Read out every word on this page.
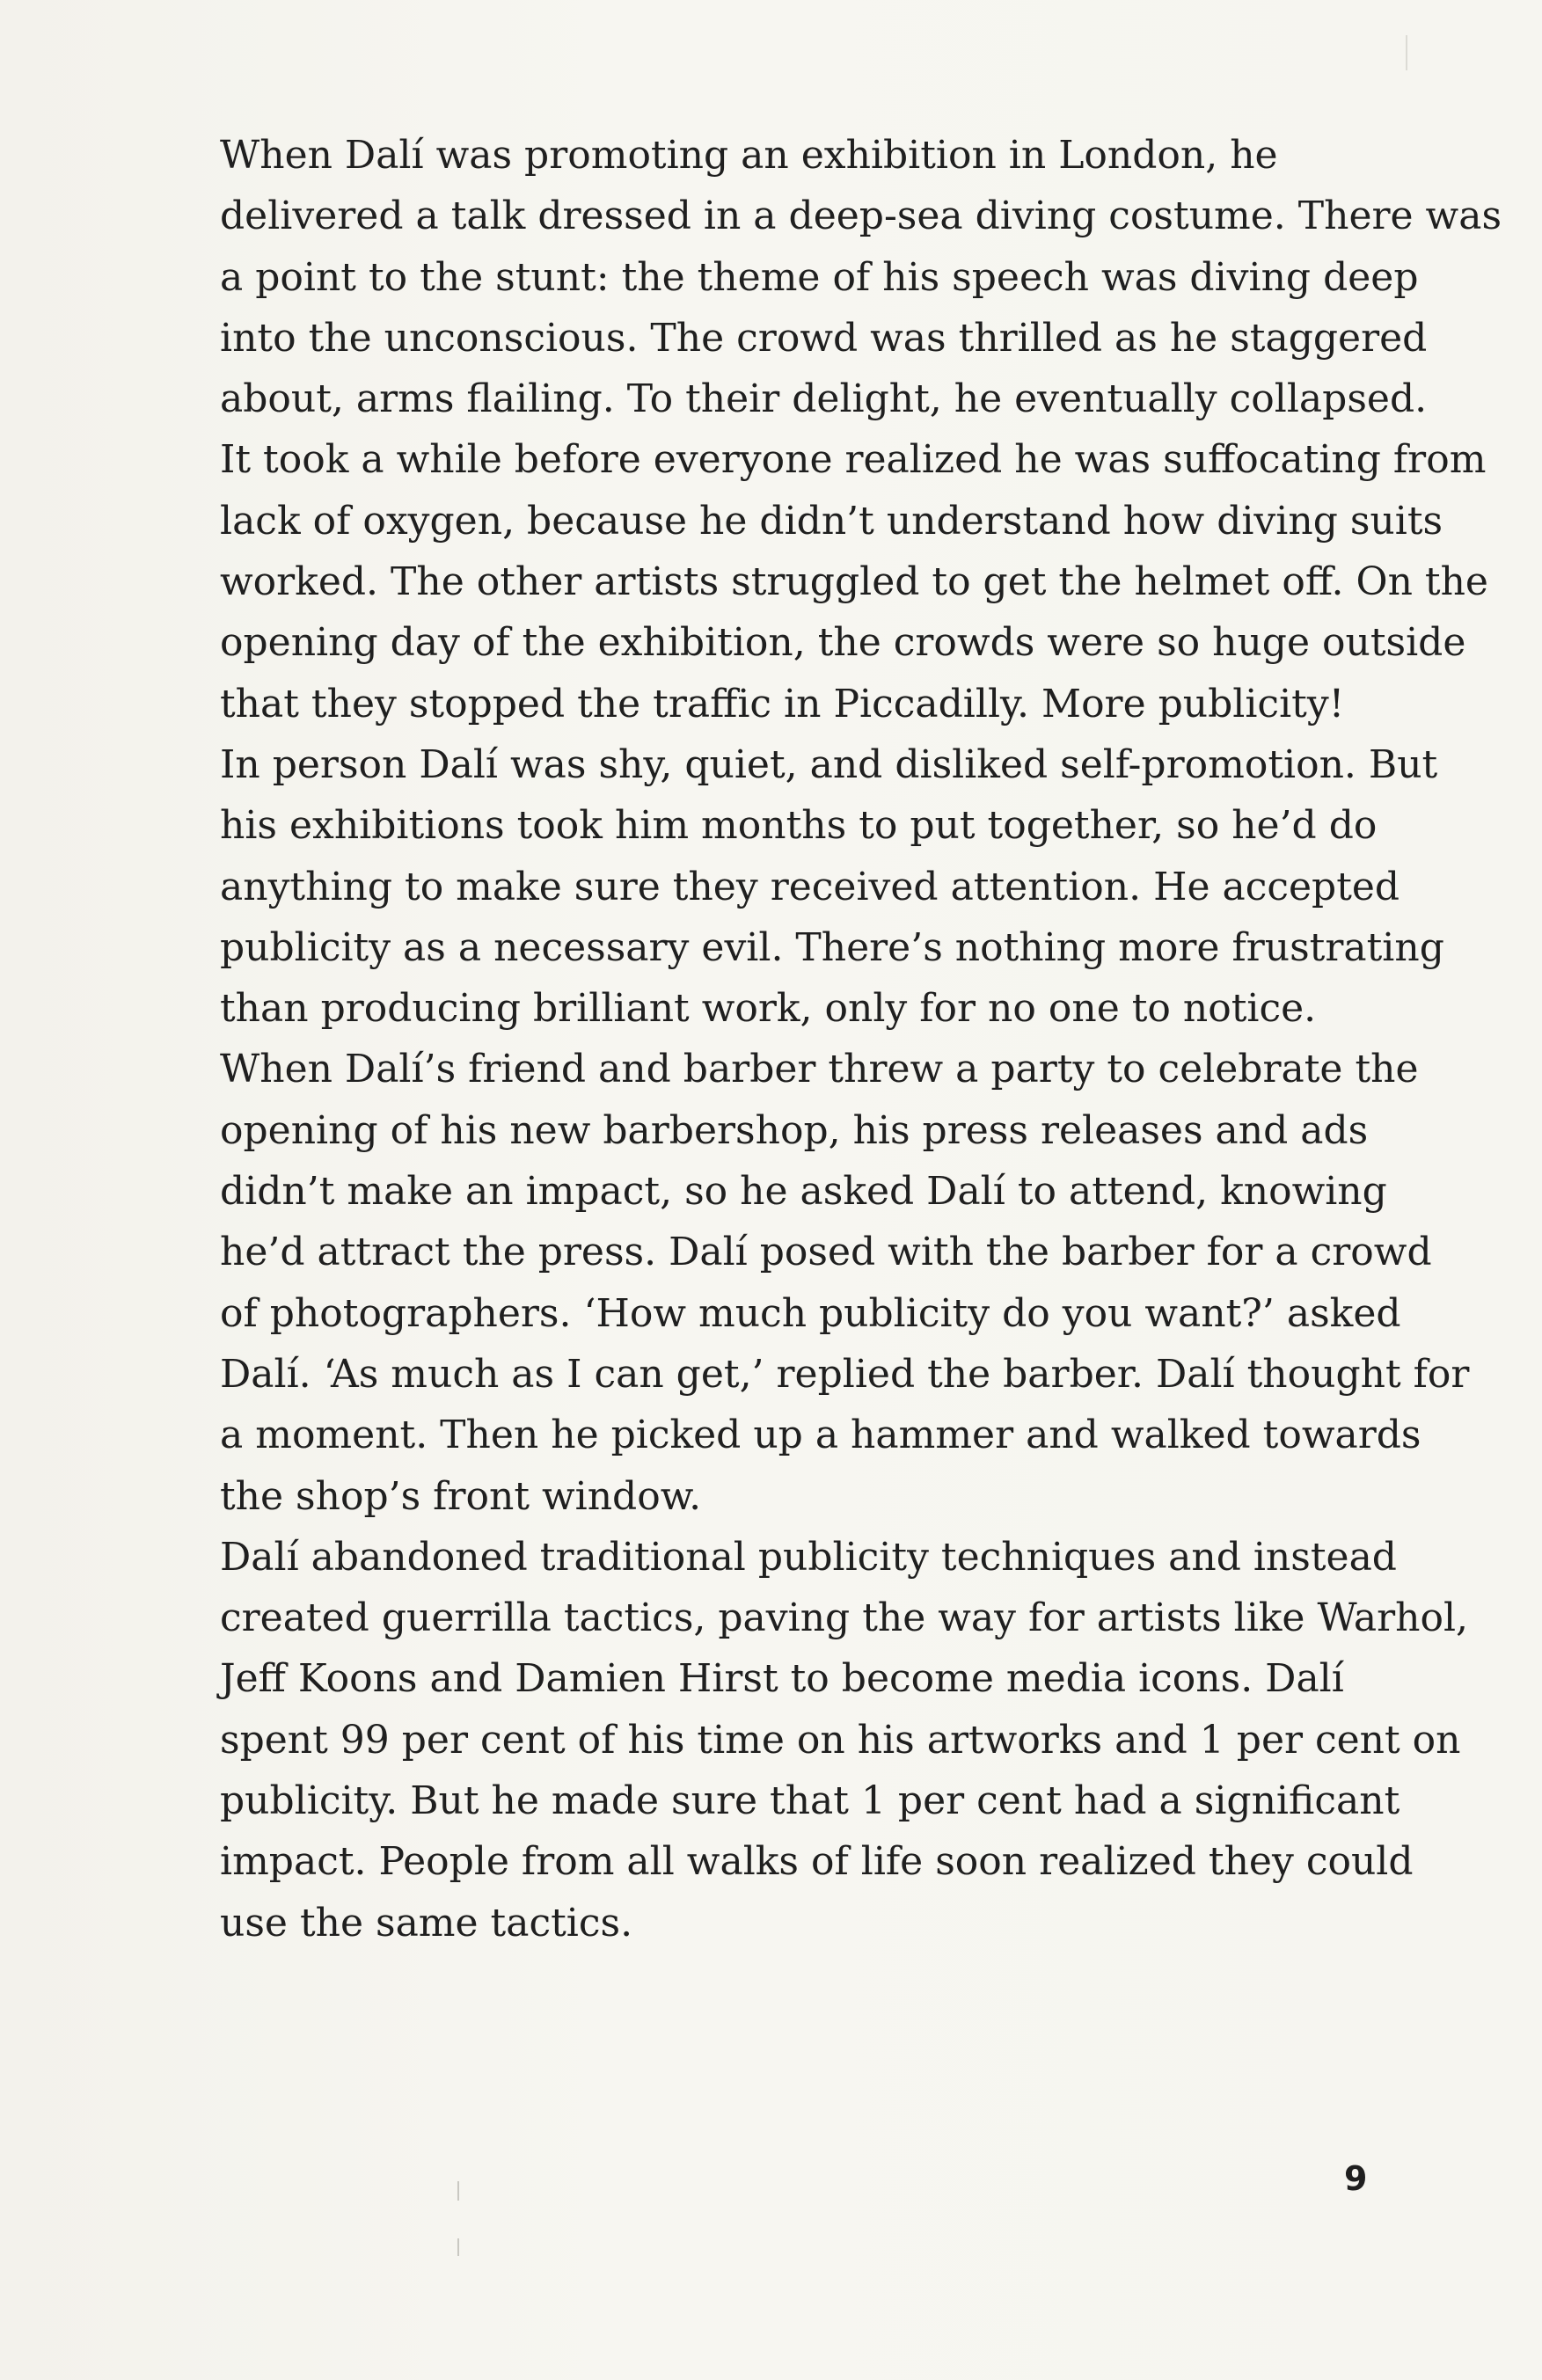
When Dalí was promoting an exhibition in London, he
delivered a talk dressed in a deep-sea diving costume. There was
a point to the stunt: the theme of his speech was diving deep
into the unconscious. The crowd was thrilled as he staggered
about, arms flailing. To their delight, he eventually collapsed.
It took a while before everyone realized he was suffocating from
lack of oxygen, because he didn’t understand how diving suits
worked. The other artists struggled to get the helmet off. On the
opening day of the exhibition, the crowds were so huge outside
that they stopped the traffic in Piccadilly. More publicity!

In person Dalí was shy, quiet, and disliked self-promotion. But
his exhibitions took him months to put together, so he’d do
anything to make sure they received attention. He accepted
publicity as a necessary evil. There’s nothing more frustrating
than producing brilliant work, only for no one to notice.

When Dalí’s friend and barber threw a party to celebrate the
opening of his new barbershop, his press releases and ads
didn’t make an impact, so he asked Dalí to attend, knowing
he’d attract the press. Dalí posed with the barber for a crowd
of photographers. ‘How much publicity do you want?’ asked
Dalí. ‘As much as I can get,’ replied the barber. Dalí thought for
a moment. Then he picked up a hammer and walked towards
the shop’s front window.

Dalí abandoned traditional publicity techniques and instead
created guerrilla tactics, paving the way for artists like Warhol,
Jeff Koons and Damien Hirst to become media icons. Dalí
spent 99 per cent of his time on his artworks and 1 per cent on
publicity. But he made sure that 1 per cent had a significant
impact. People from all walks of life soon realized they could
use the same tactics.

9
